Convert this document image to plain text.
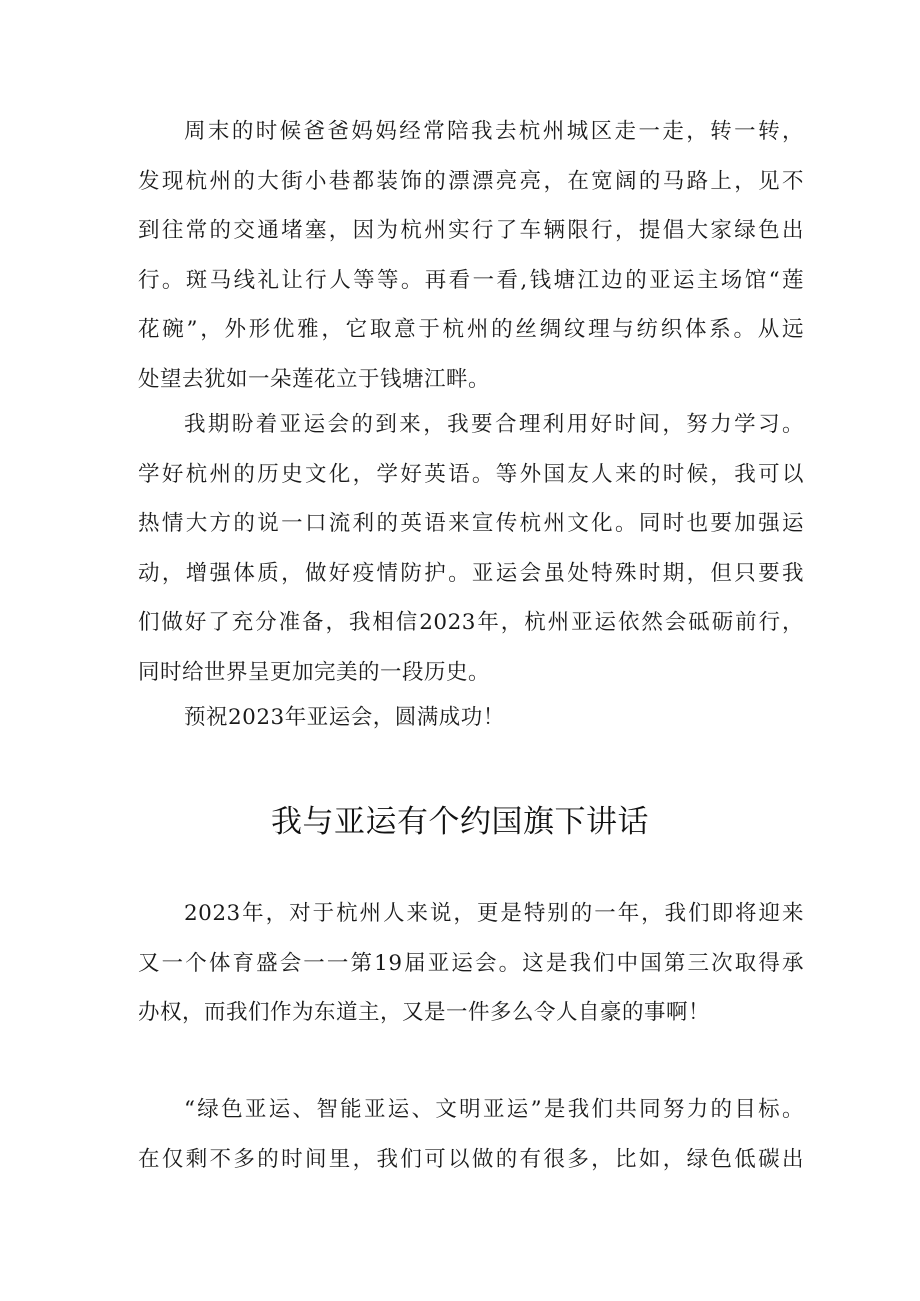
周末的时候爸爸妈妈经常陪我去杭州城区走一走，转一转，
发现杭州的大街小巷都装饰的漂漂亮亮，在宽阔的马路上，见不
到往常的交通堵塞，因为杭州实行了车辆限行，提倡大家绿色出
行。斑马线礼让行人等等。再看一看,钱塘江边的亚运主场馆“莲
花碗”，外形优雅，它取意于杭州的丝绸纹理与纺织体系。从远
处望去犹如一朵莲花立于钱塘江畔。
我期盼着亚运会的到来，我要合理利用好时间，努力学习。
学好杭州的历史文化，学好英语。等外国友人来的时候，我可以
热情大方的说一口流利的英语来宣传杭州文化。同时也要加强运
动，增强体质，做好疫情防护。亚运会虽处特殊时期，但只要我
们做好了充分准备，我相信2023年，杭州亚运依然会砥砺前行，
同时给世界呈更加完美的一段历史。
预祝2023年亚运会，圆满成功！
我与亚运有个约国旗下讲话
2023年，对于杭州人来说，更是特别的一年，我们即将迎来
又一个体育盛会一一第19届亚运会。这是我们中国第三次取得承
办权，而我们作为东道主，又是一件多么令人自豪的事啊！
“绿色亚运、智能亚运、文明亚运”是我们共同努力的目标。
在仅剩不多的时间里，我们可以做的有很多，比如，绿色低碳出
